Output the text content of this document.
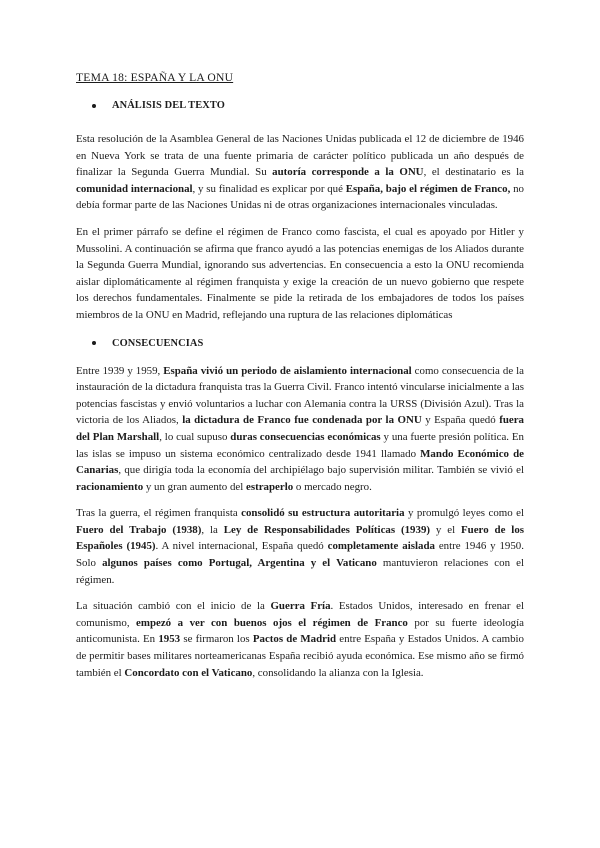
TEMA 18: ESPAÑA Y LA ONU
ANÁLISIS DEL TEXTO

Esta resolución de la Asamblea General de las Naciones Unidas publicada el 12 de diciembre de 1946 en Nueva York se trata de una fuente primaria de carácter político publicada un año después de finalizar la Segunda Guerra Mundial. Su autoría corresponde a la ONU, el destinatario es la comunidad internacional, y su finalidad es explicar por qué España, bajo el régimen de Franco, no debía formar parte de las Naciones Unidas ni de otras organizaciones internacionales vinculadas.

En el primer párrafo se define el régimen de Franco como fascista, el cual es apoyado por Hitler y Mussolini. A continuación se afirma que franco ayudó a las potencias enemigas de los Aliados durante la Segunda Guerra Mundial, ignorando sus advertencias. En consecuencia a esto la ONU recomienda aislar diplomáticamente al régimen franquista y exige la creación de un nuevo gobierno que respete los derechos fundamentales. Finalmente se pide la retirada de los embajadores de todos los países miembros de la ONU en Madrid, reflejando una ruptura de las relaciones diplomáticas

CONSECUENCIAS

Entre 1939 y 1959, España vivió un periodo de aislamiento internacional como consecuencia de la instauración de la dictadura franquista tras la Guerra Civil. Franco intentó vincularse inicialmente a las potencias fascistas y envió voluntarios a luchar con Alemania contra la URSS (División Azul). Tras la victoria de los Aliados, la dictadura de Franco fue condenada por la ONU y España quedó fuera del Plan Marshall, lo cual supuso duras consecuencias económicas y una fuerte presión política. En las islas se impuso un sistema económico centralizado desde 1941 llamado Mando Económico de Canarias, que dirigía toda la economía del archipiélago bajo supervisión militar. También se vivió el racionamiento y un gran aumento del estraperlo o mercado negro.

Tras la guerra, el régimen franquista consolidó su estructura autoritaria y promulgó leyes como el Fuero del Trabajo (1938), la Ley de Responsabilidades Políticas (1939) y el Fuero de los Españoles (1945). A nivel internacional, España quedó completamente aislada entre 1946 y 1950. Solo algunos países como Portugal, Argentina y el Vaticano mantuvieron relaciones con el régimen.

La situación cambió con el inicio de la Guerra Fría. Estados Unidos, interesado en frenar el comunismo, empezó a ver con buenos ojos el régimen de Franco por su fuerte ideología anticomunista. En 1953 se firmaron los Pactos de Madrid entre España y Estados Unidos. A cambio de permitir bases militares norteamericanas España recibió ayuda económica. Ese mismo año se firmó también el Concordato con el Vaticano, consolidando la alianza con la Iglesia.
